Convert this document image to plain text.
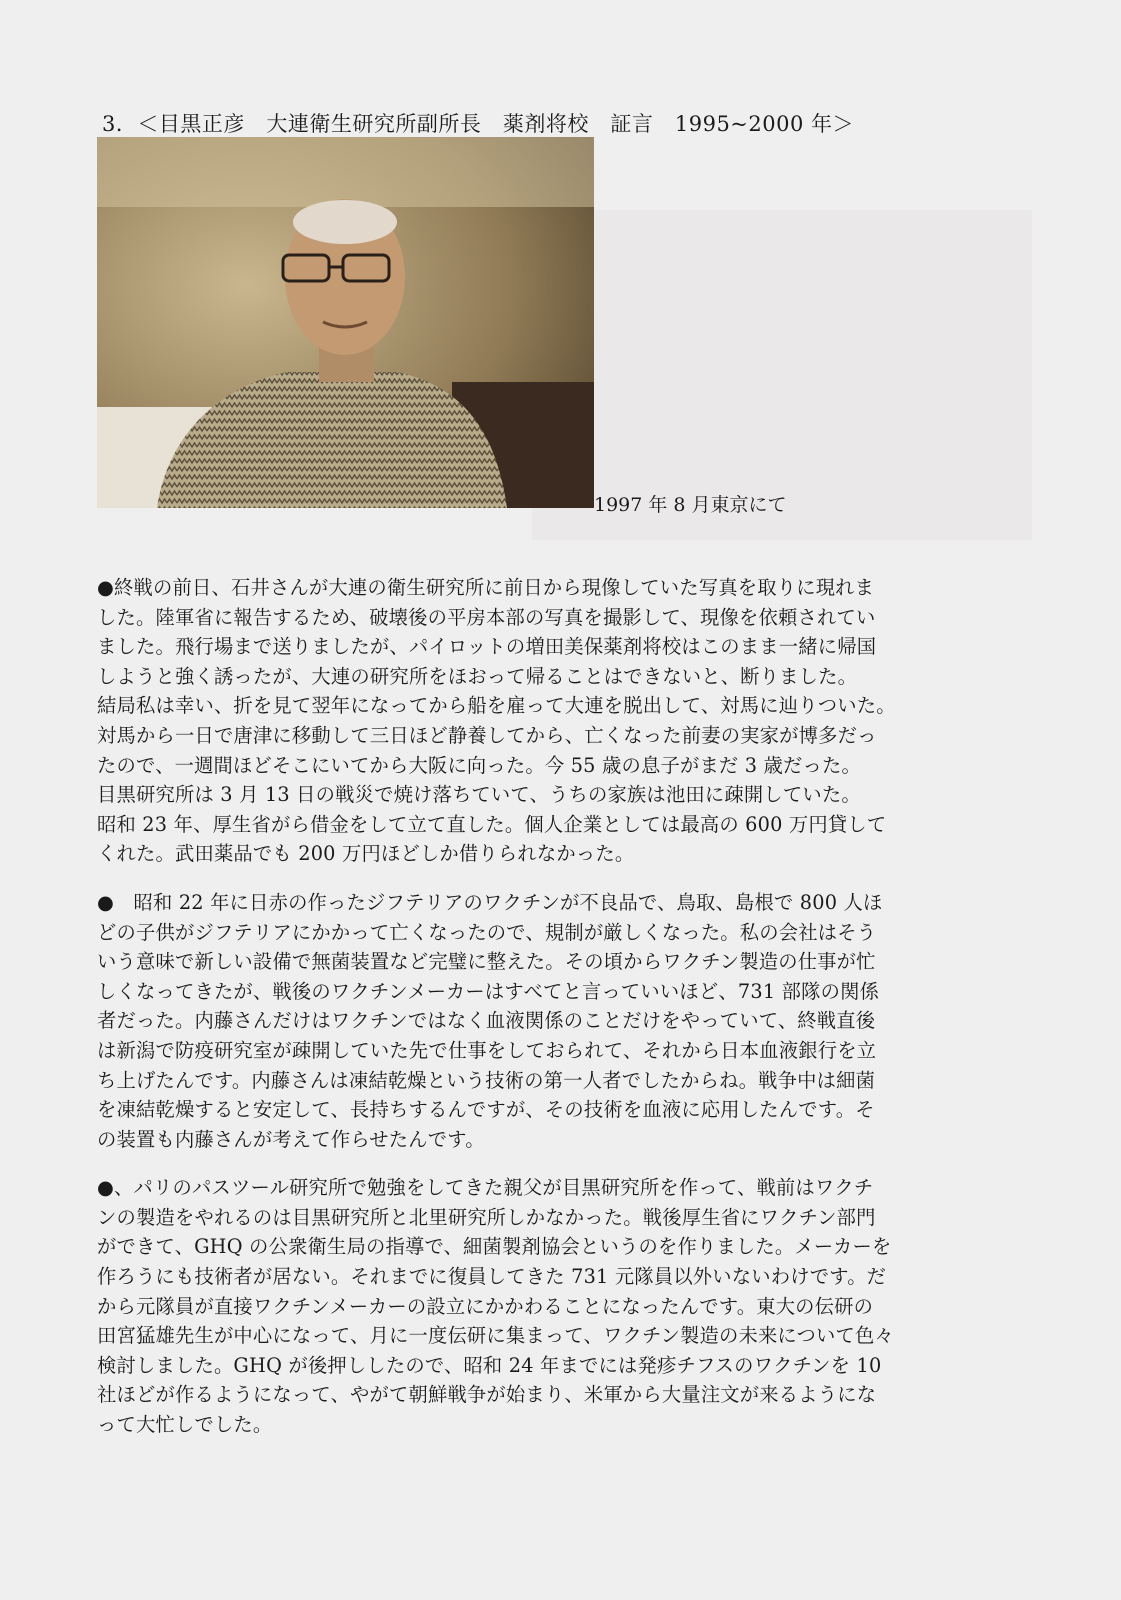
3．＜目黒正彦　大連衛生研究所副所長　薬剤将校　証言　1995~2000 年＞
1997 年 8 月東京にて
●終戦の前日、石井さんが大連の衛生研究所に前日から現像していた写真を取りに現れま
した。陸軍省に報告するため、破壊後の平房本部の写真を撮影して、現像を依頼されてい
ました。飛行場まで送りましたが、パイロットの増田美保薬剤将校はこのまま一緒に帰国
しようと強く誘ったが、大連の研究所をほおって帰ることはできないと、断りました。
結局私は幸い、折を見て翌年になってから船を雇って大連を脱出して、対馬に辿りついた。
対馬から一日で唐津に移動して三日ほど静養してから、亡くなった前妻の実家が博多だっ
たので、一週間ほどそこにいてから大阪に向った。今 55 歳の息子がまだ 3 歳だった。
目黒研究所は 3 月 13 日の戦災で焼け落ちていて、うちの家族は池田に疎開していた。
昭和 23 年、厚生省がら借金をして立て直した。個人企業としては最高の 600 万円貸して
くれた。武田薬品でも 200 万円ほどしか借りられなかった。
●　昭和 22 年に日赤の作ったジフテリアのワクチンが不良品で、鳥取、島根で 800 人ほ
どの子供がジフテリアにかかって亡くなったので、規制が厳しくなった。私の会社はそう
いう意味で新しい設備で無菌装置など完璧に整えた。その頃からワクチン製造の仕事が忙
しくなってきたが、戦後のワクチンメーカーはすべてと言っていいほど、731 部隊の関係
者だった。内藤さんだけはワクチンではなく血液関係のことだけをやっていて、終戦直後
は新潟で防疫研究室が疎開していた先で仕事をしておられて、それから日本血液銀行を立
ち上げたんです。内藤さんは凍結乾燥という技術の第一人者でしたからね。戦争中は細菌
を凍結乾燥すると安定して、長持ちするんですが、その技術を血液に応用したんです。そ
の装置も内藤さんが考えて作らせたんです。
●、パリのパスツール研究所で勉強をしてきた親父が目黒研究所を作って、戦前はワクチ
ンの製造をやれるのは目黒研究所と北里研究所しかなかった。戦後厚生省にワクチン部門
ができて、GHQ の公衆衛生局の指導で、細菌製剤協会というのを作りました。メーカーを
作ろうにも技術者が居ない。それまでに復員してきた 731 元隊員以外いないわけです。だ
から元隊員が直接ワクチンメーカーの設立にかかわることになったんです。東大の伝研の
田宮猛雄先生が中心になって、月に一度伝研に集まって、ワクチン製造の未来について色々
検討しました。GHQ が後押ししたので、昭和 24 年までには発疹チフスのワクチンを 10
社ほどが作るようになって、やがて朝鮮戦争が始まり、米軍から大量注文が来るようにな
って大忙しでした。
